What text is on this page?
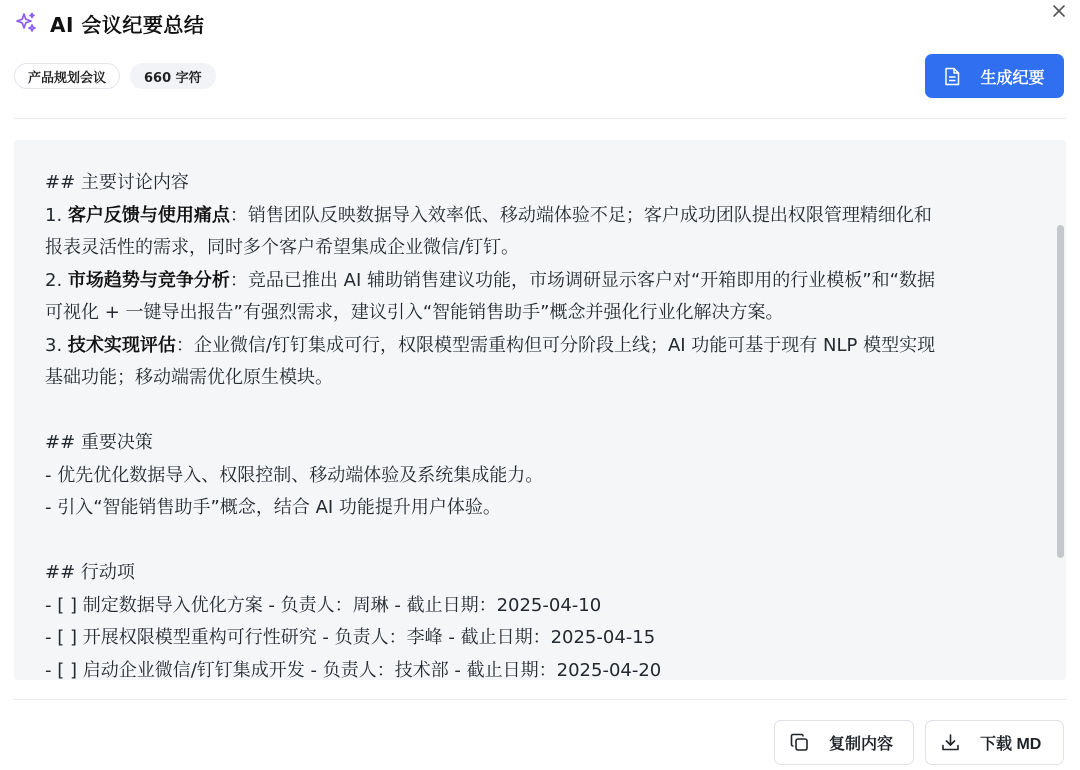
AI 会议纪要总结
产品规划会议	660 字符	生成纪要
## 主要讨论内容
1. 客户反馈与使用痛点：销售团队反映数据导入效率低、移动端体验不足；客户成功团队提出权限管理精细化和
报表灵活性的需求，同时多个客户希望集成企业微信/钉钉。
2. 市场趋势与竞争分析：竞品已推出 AI 辅助销售建议功能，市场调研显示客户对“开箱即用的行业模板”和“数据
可视化 + 一键导出报告”有强烈需求，建议引入“智能销售助手”概念并强化行业化解决方案。
3. 技术实现评估：企业微信/钉钉集成可行，权限模型需重构但可分阶段上线；AI 功能可基于现有 NLP 模型实现
基础功能；移动端需优化原生模块。
## 重要决策
- 优先优化数据导入、权限控制、移动端体验及系统集成能力。
- 引入“智能销售助手”概念，结合 AI 功能提升用户体验。
## 行动项
- [ ] 制定数据导入优化方案 - 负责人：周琳 - 截止日期：2025-04-10
- [ ] 开展权限模型重构可行性研究 - 负责人：李峰 - 截止日期：2025-04-15
- [ ] 启动企业微信/钉钉集成开发 - 负责人：技术部 - 截止日期：2025-04-20
复制内容	下载 MD
